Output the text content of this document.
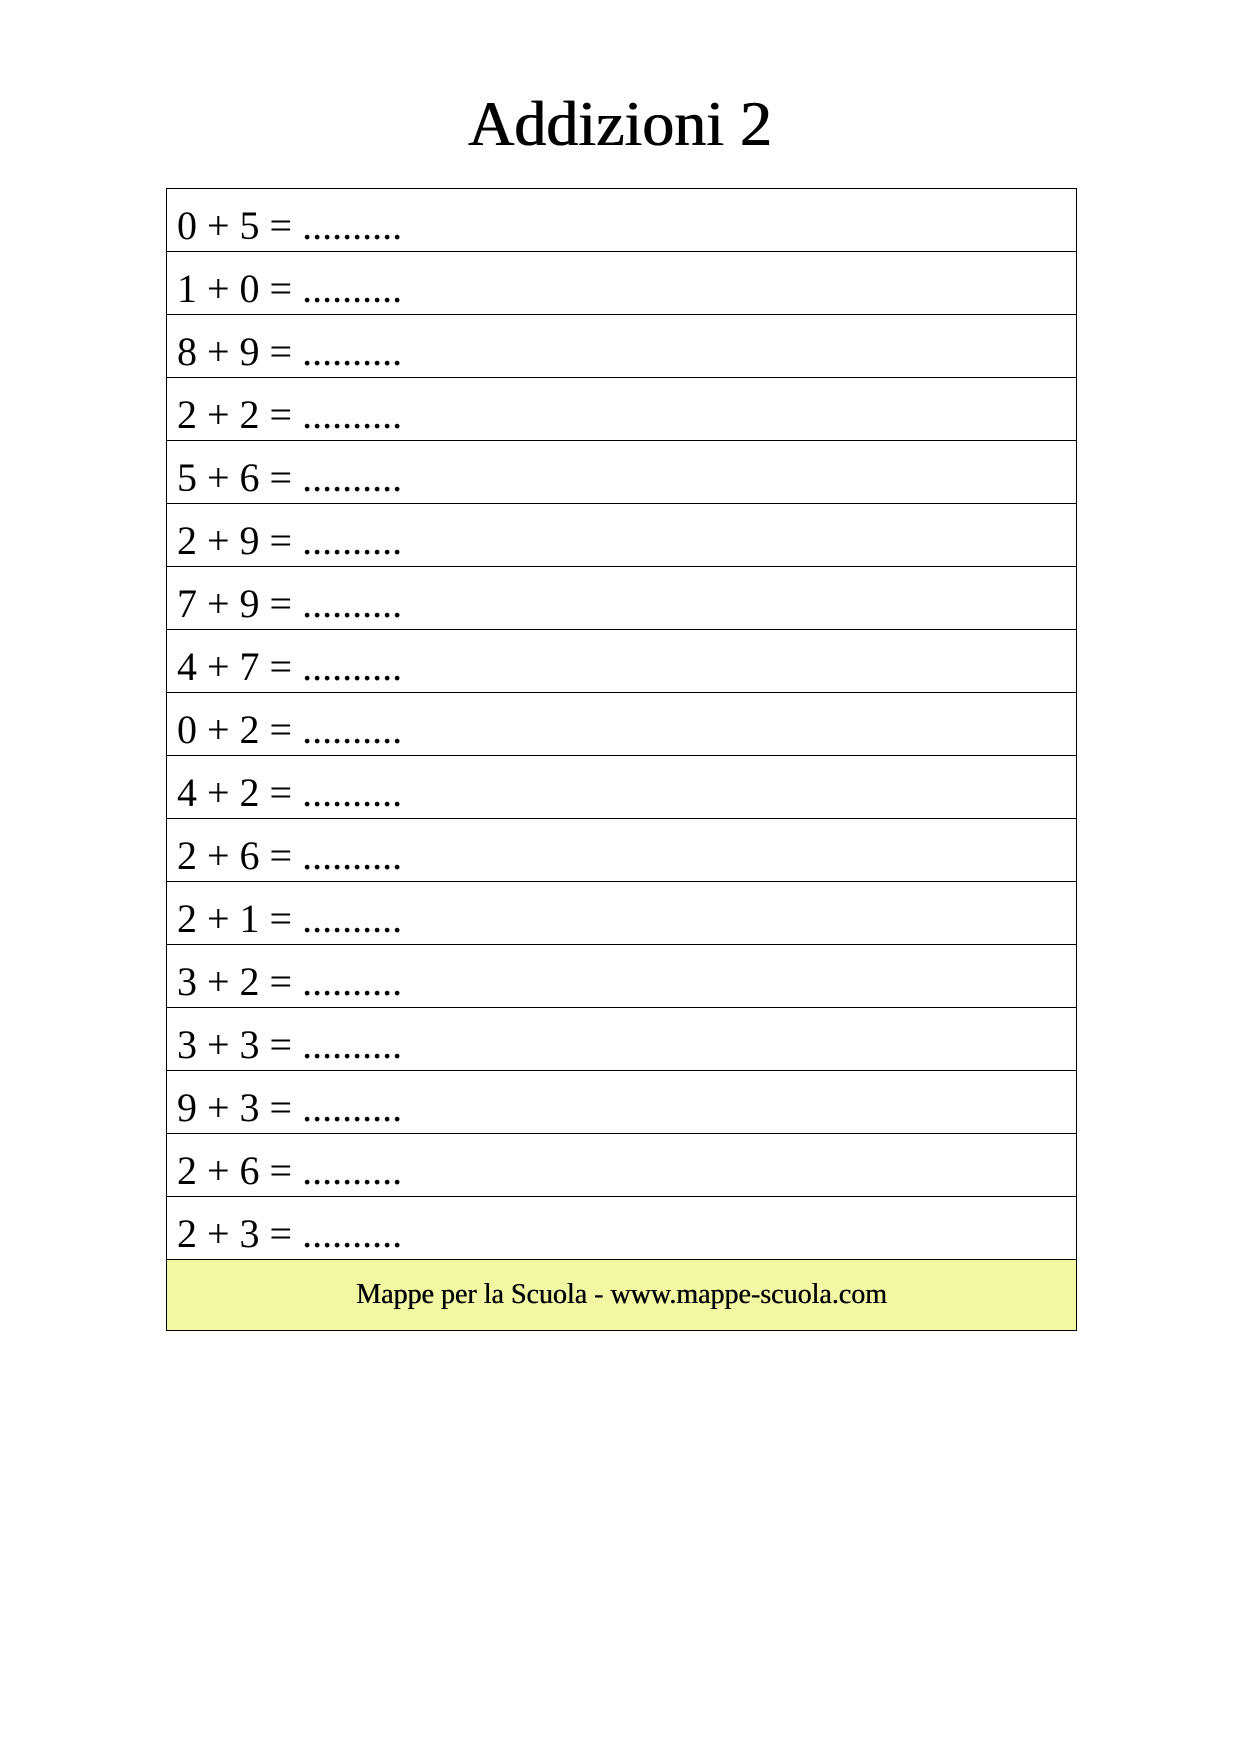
Addizioni 2
0 + 5 = ..........
1 + 0 = ..........
8 + 9 = ..........
2 + 2 = ..........
5 + 6 = ..........
2 + 9 = ..........
7 + 9 = ..........
4 + 7 = ..........
0 + 2 = ..........
4 + 2 = ..........
2 + 6 = ..........
2 + 1 = ..........
3 + 2 = ..........
3 + 3 = ..........
9 + 3 = ..........
2 + 6 = ..........
2 + 3 = ..........
Mappe per la Scuola - www.mappe-scuola.com
